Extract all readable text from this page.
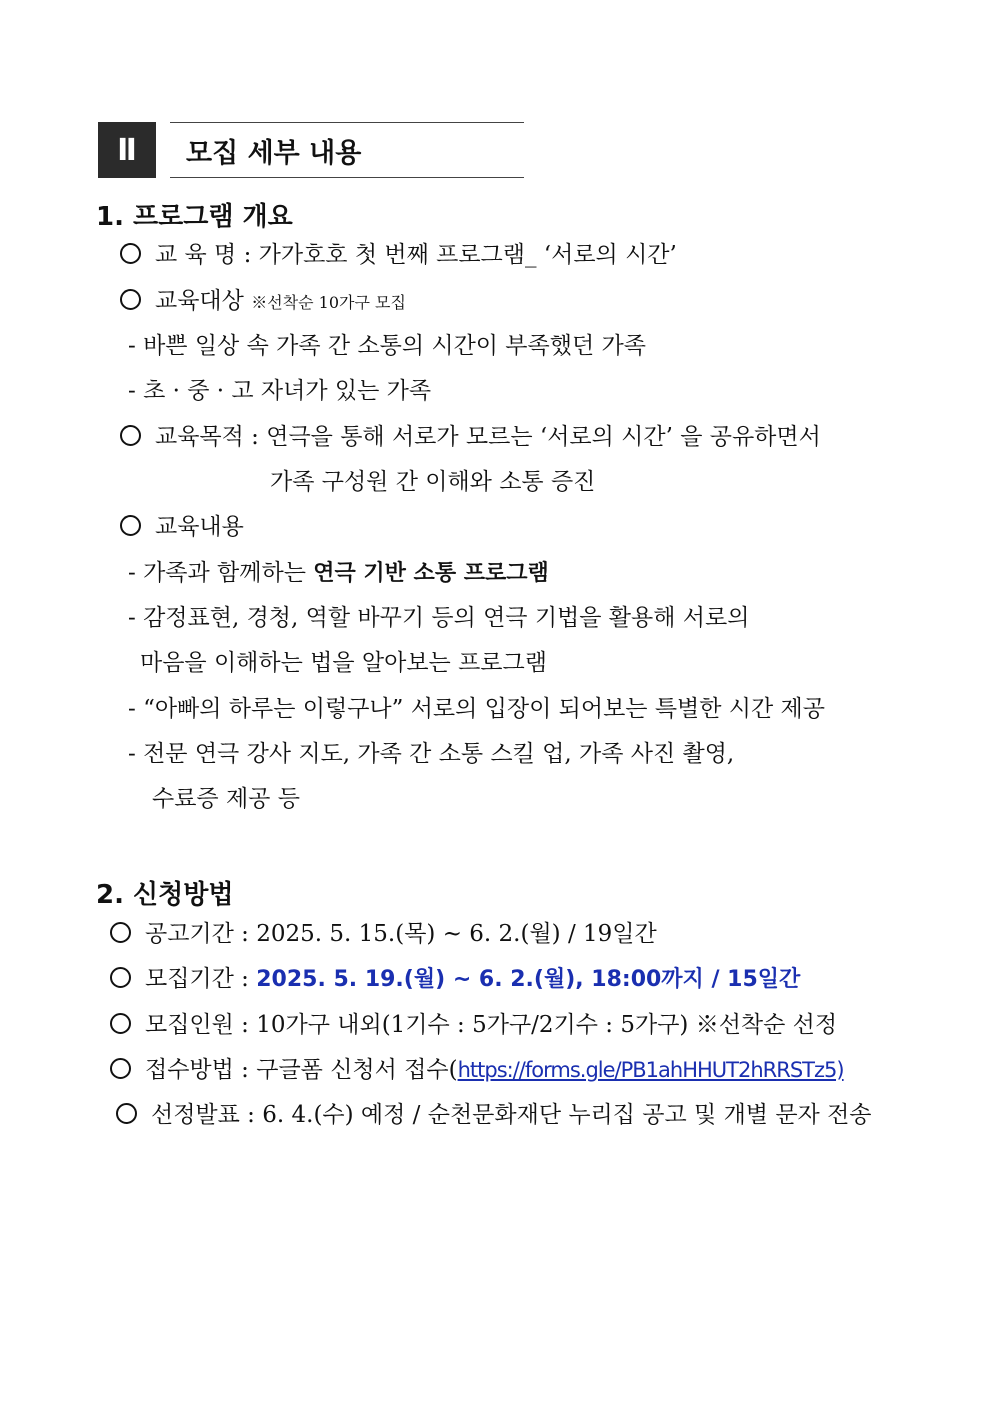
Ⅱ	모집 세부 내용
1. 프로그램 개요
교 육 명 : 가가호호 첫 번째 프로그램_ ‘서로의 시간’
교육대상 ※선착순 10가구 모집
- 바쁜 일상 속 가족 간 소통의 시간이 부족했던 가족
- 초 · 중 · 고 자녀가 있는 가족
교육목적 : 연극을 통해 서로가 모르는 ‘서로의 시간’ 을 공유하면서
가족 구성원 간 이해와 소통 증진
교육내용
- 가족과 함께하는 연극 기반 소통 프로그램
- 감정표현, 경청, 역할 바꾸기 등의 연극 기법을 활용해 서로의
마음을 이해하는 법을 알아보는 프로그램
- “아빠의 하루는 이렇구나” 서로의 입장이 되어보는 특별한 시간 제공
- 전문 연극 강사 지도, 가족 간 소통 스킬 업, 가족 사진 촬영,
수료증 제공 등
2. 신청방법
공고기간 : 2025. 5. 15.(목) ~ 6. 2.(월) / 19일간
모집기간 : 2025. 5. 19.(월) ~ 6. 2.(월), 18:00까지 / 15일간
모집인원 : 10가구 내외(1기수 : 5가구/2기수 : 5가구) ※선착순 선정
접수방법 : 구글폼 신청서 접수(https://forms.gle/PB1ahHHUT2hRRSTz5)
선정발표 : 6. 4.(수) 예정 / 순천문화재단 누리집 공고 및 개별 문자 전송
